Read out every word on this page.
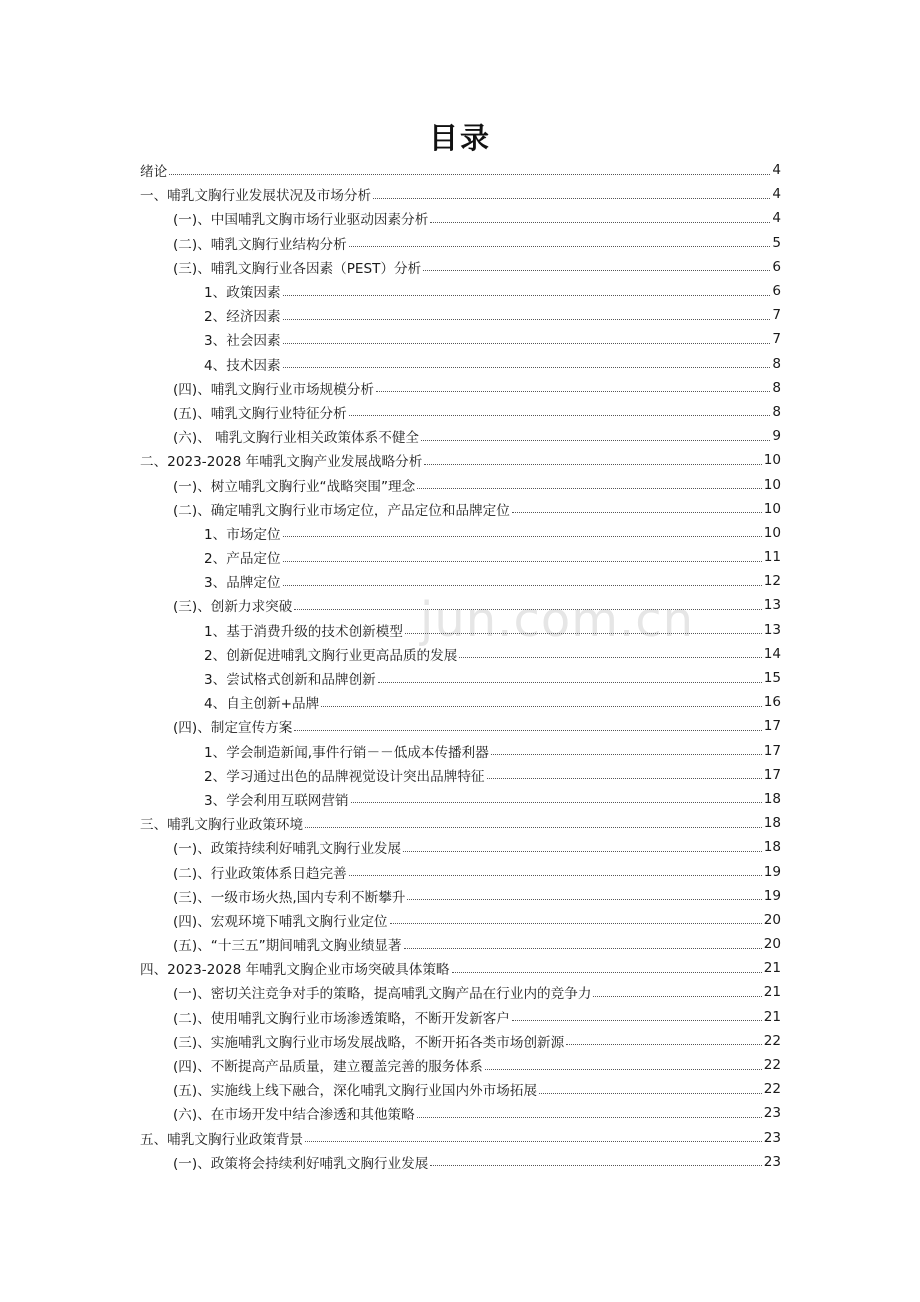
jun.com.cn
目录
绪论	4
一、哺乳文胸行业发展状况及市场分析	4
(一)、中国哺乳文胸市场行业驱动因素分析	4
(二)、哺乳文胸行业结构分析	5
(三)、哺乳文胸行业各因素（PEST）分析	6
1、政策因素	6
2、经济因素	7
3、社会因素	7
4、技术因素	8
(四)、哺乳文胸行业市场规模分析	8
(五)、哺乳文胸行业特征分析	8
(六)、 哺乳文胸行业相关政策体系不健全	9
二、2023-2028 年哺乳文胸产业发展战略分析	10
(一)、树立哺乳文胸行业“战略突围”理念	10
(二)、确定哺乳文胸行业市场定位，产品定位和品牌定位	10
1、市场定位	10
2、产品定位	11
3、品牌定位	12
(三)、创新力求突破	13
1、基于消费升级的技术创新模型	13
2、创新促进哺乳文胸行业更高品质的发展	14
3、尝试格式创新和品牌创新	15
4、自主创新+品牌	16
(四)、制定宣传方案	17
1、学会制造新闻,事件行销－－低成本传播利器	17
2、学习通过出色的品牌视觉设计突出品牌特征	17
3、学会利用互联网营销	18
三、哺乳文胸行业政策环境	18
(一)、政策持续利好哺乳文胸行业发展	18
(二)、行业政策体系日趋完善	19
(三)、一级市场火热,国内专利不断攀升	19
(四)、宏观环境下哺乳文胸行业定位	20
(五)、“十三五”期间哺乳文胸业绩显著	20
四、2023-2028 年哺乳文胸企业市场突破具体策略	21
(一)、密切关注竞争对手的策略，提高哺乳文胸产品在行业内的竞争力	21
(二)、使用哺乳文胸行业市场渗透策略，不断开发新客户	21
(三)、实施哺乳文胸行业市场发展战略，不断开拓各类市场创新源	22
(四)、不断提高产品质量，建立覆盖完善的服务体系	22
(五)、实施线上线下融合，深化哺乳文胸行业国内外市场拓展	22
(六)、在市场开发中结合渗透和其他策略	23
五、哺乳文胸行业政策背景	23
(一)、政策将会持续利好哺乳文胸行业发展	23
